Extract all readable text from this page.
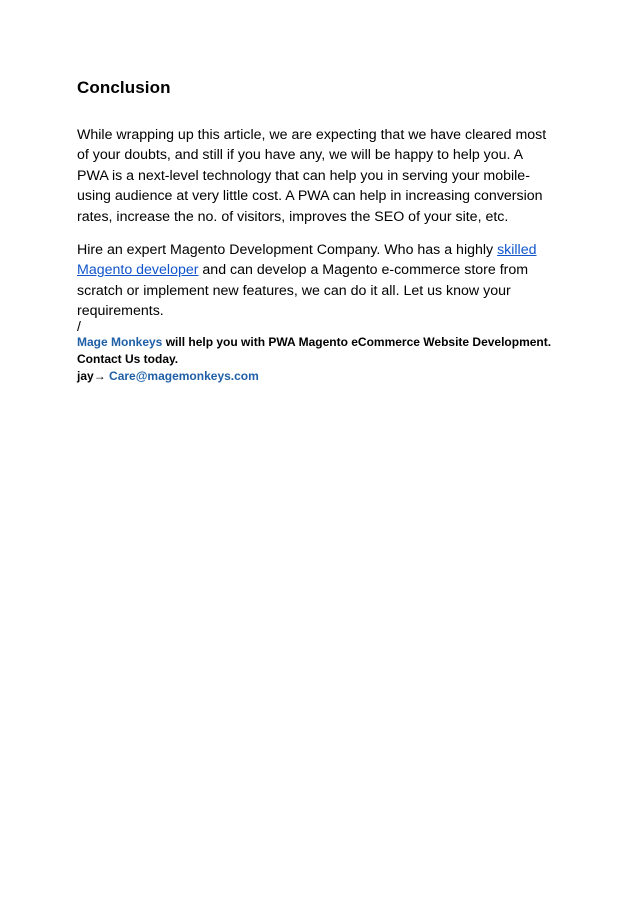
Conclusion

While wrapping up this article, we are expecting that we have cleared most of your doubts, and still if you have any, we will be happy to help you. A PWA is a next-level technology that can help you in serving your mobile-using audience at very little cost. A PWA can help in increasing conversion rates, increase the no. of visitors, improves the SEO of your site, etc.

Hire an expert Magento Development Company. Who has a highly skilled Magento developer and can develop a Magento e-commerce store from scratch or implement new features, we can do it all. Let us know your requirements.

/
Mage Monkeys will help you with PWA Magento eCommerce Website Development.
Contact Us today.
jay→ Care@magemonkeys.com
